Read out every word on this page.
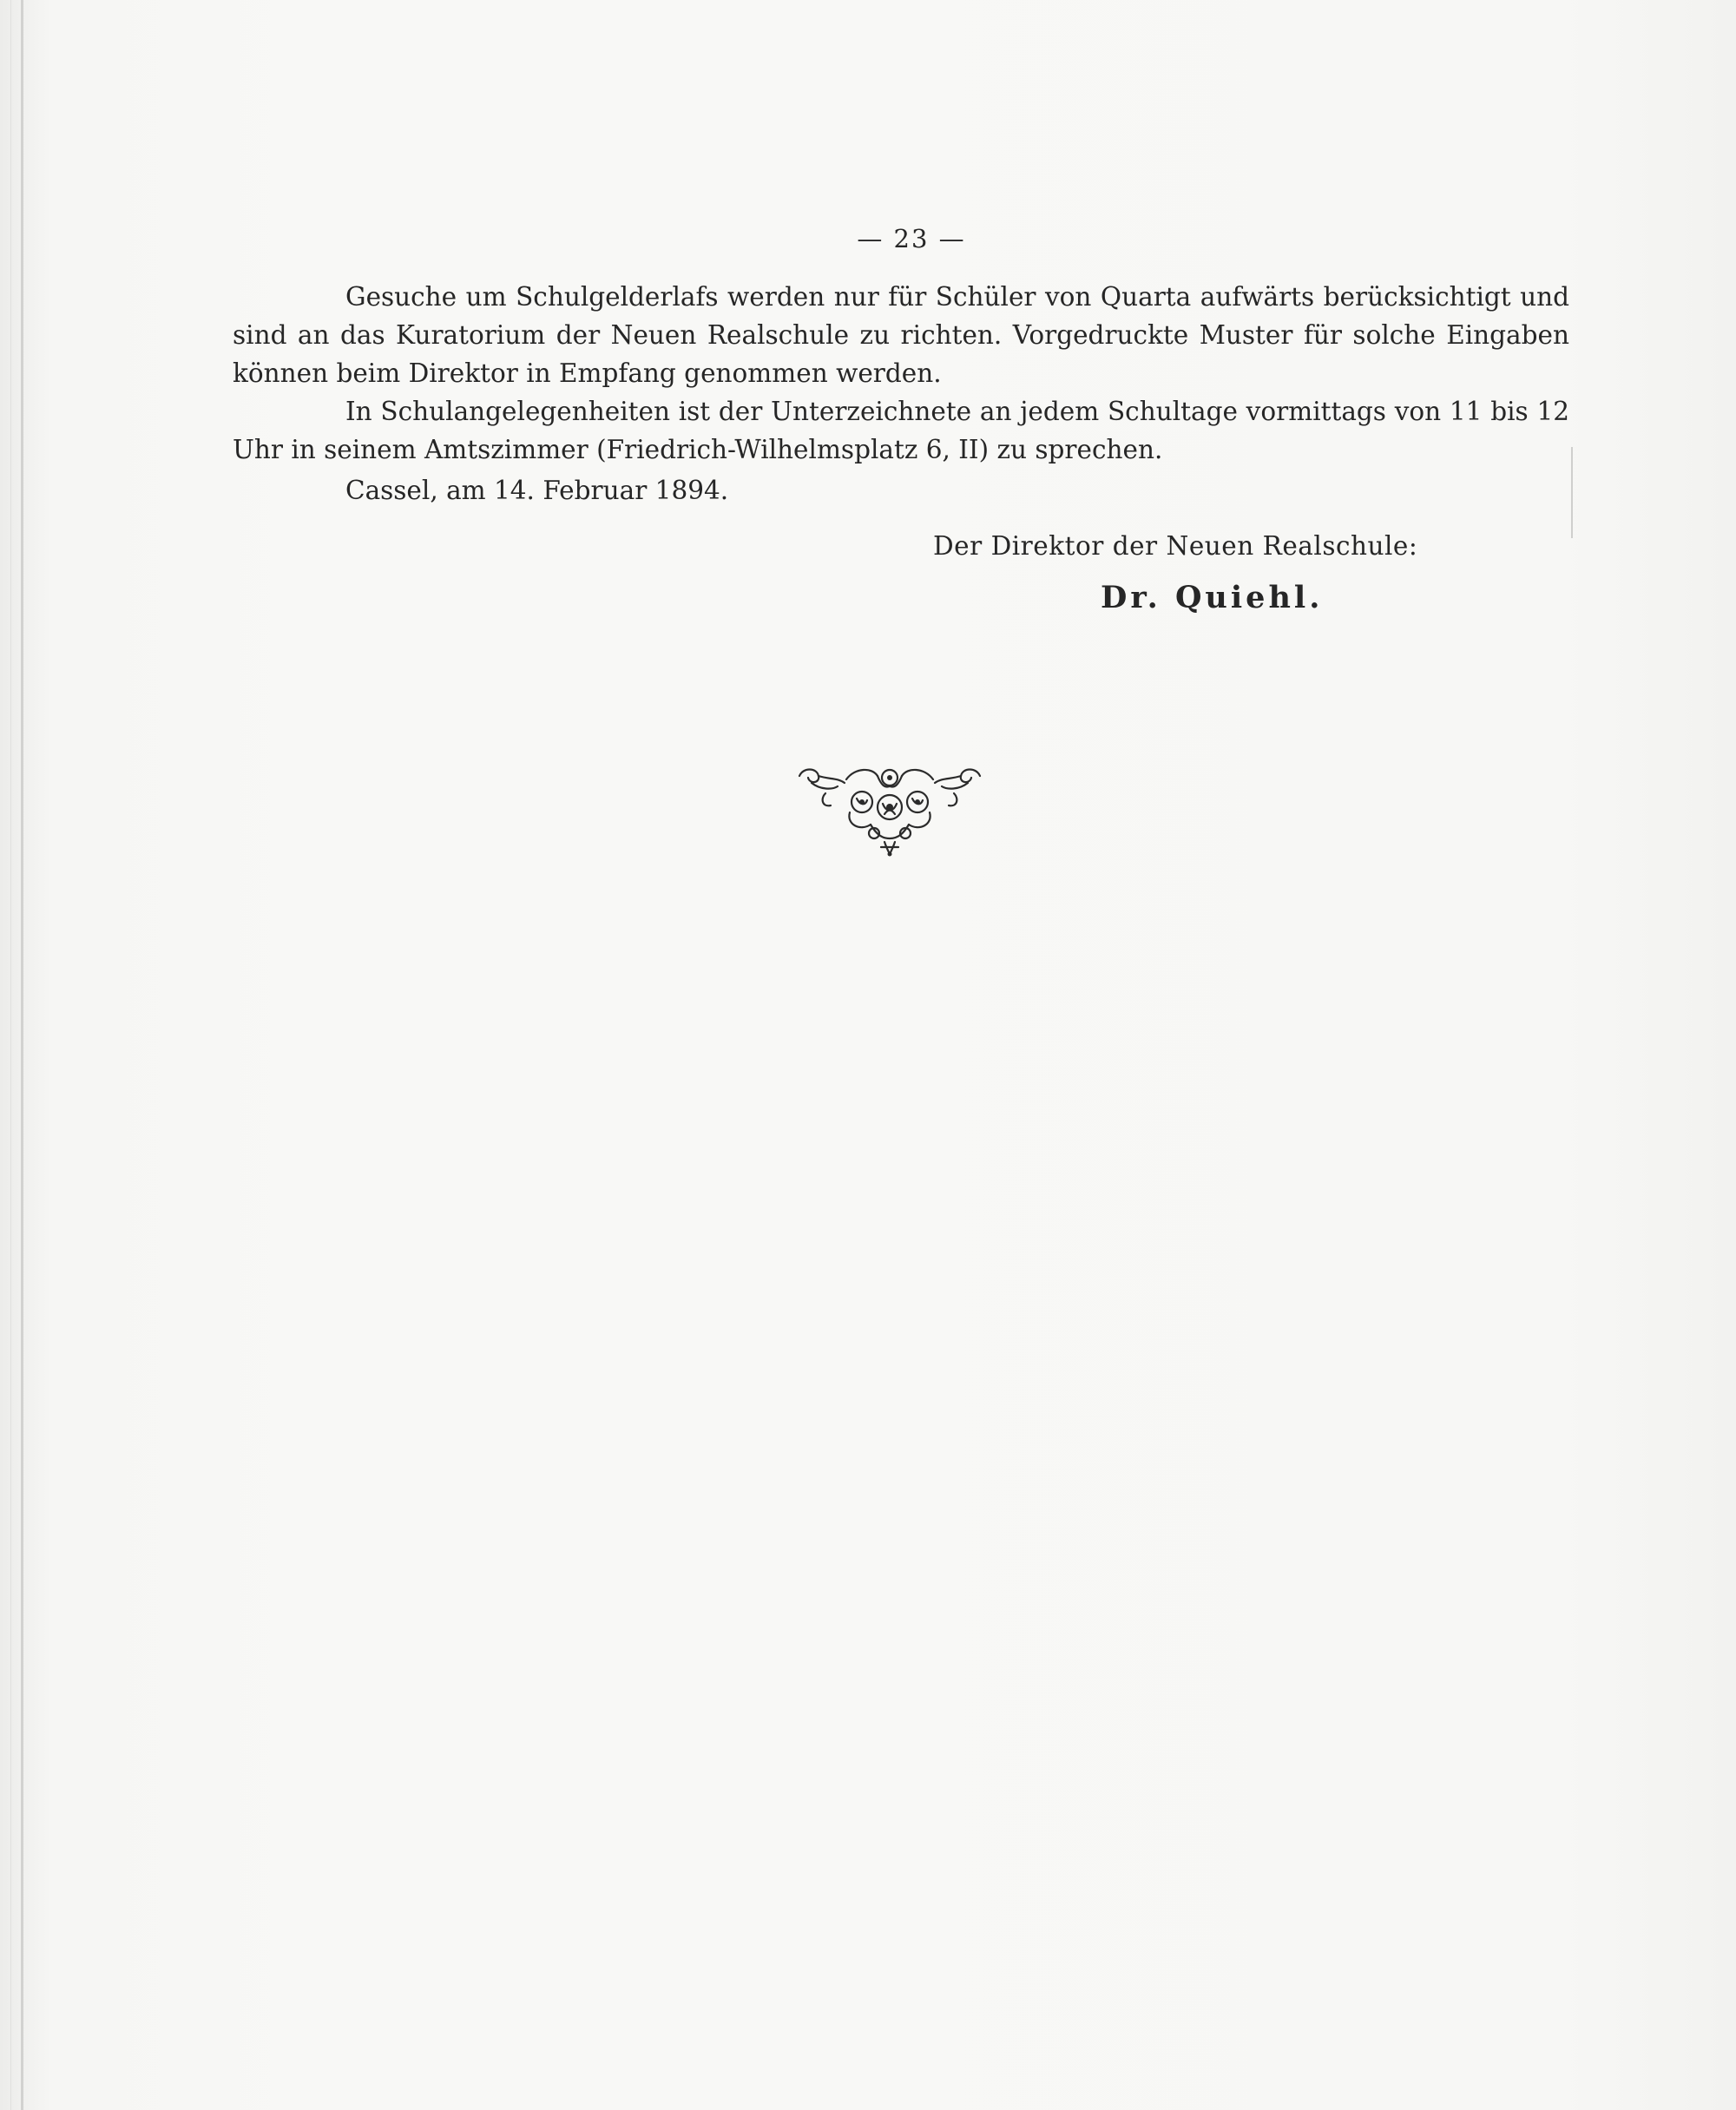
— 23 —

Gesuche um Schulgelderlafs werden nur für Schüler von Quarta aufwärts berücksichtigt und sind an das Kuratorium der Neuen Realschule zu richten. Vorgedruckte Muster für solche Eingaben können beim Direktor in Empfang genommen werden.

In Schulangelegenheiten ist der Unterzeichnete an jedem Schultage vormittags von 11 bis 12 Uhr in seinem Amtszimmer (Friedrich-Wilhelmsplatz 6, II) zu sprechen.

Cassel, am 14. Februar 1894.
Der Direktor der Neuen Realschule:
Dr. Quiehl.
